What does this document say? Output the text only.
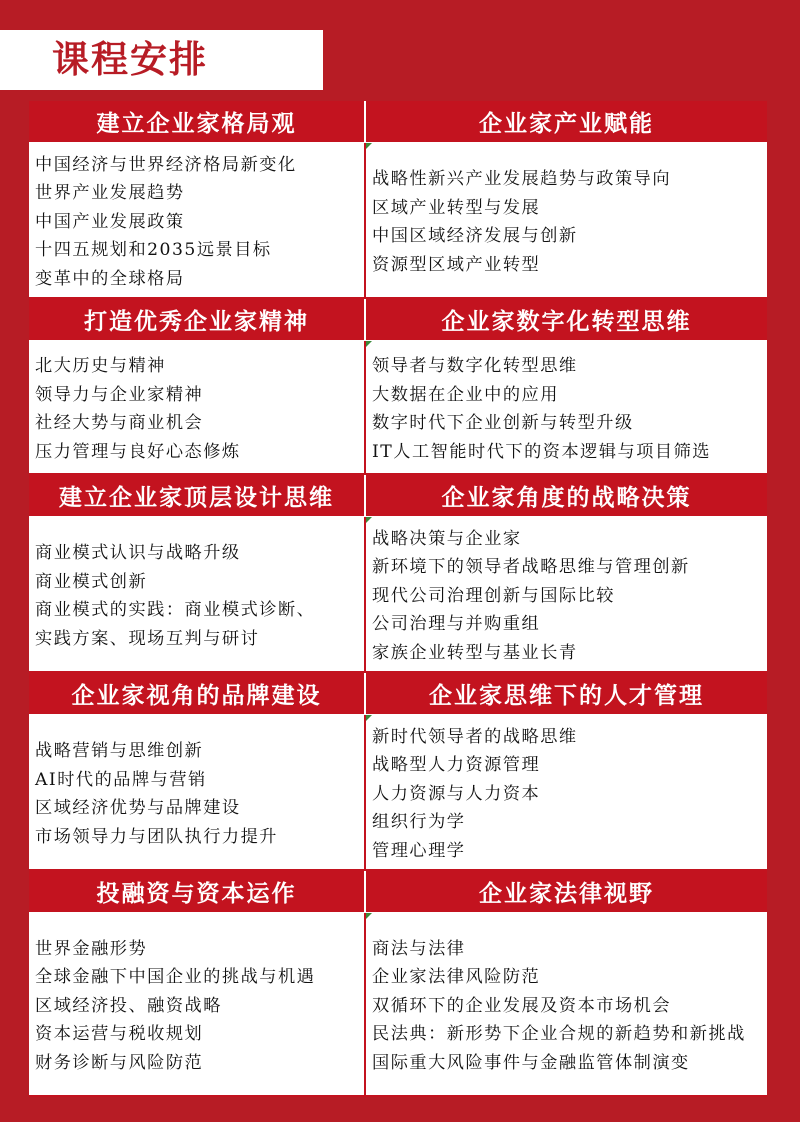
课程安排
建立企业家格局观	企业家产业赋能
中国经济与世界经济格局新变化
世界产业发展趋势
中国产业发展政策
十四五规划和2035远景目标
变革中的全球格局
战略性新兴产业发展趋势与政策导向
区域产业转型与发展
中国区域经济发展与创新
资源型区域产业转型
打造优秀企业家精神	企业家数字化转型思维
北大历史与精神
领导力与企业家精神
社经大势与商业机会
压力管理与良好心态修炼
领导者与数字化转型思维
大数据在企业中的应用
数字时代下企业创新与转型升级
IT人工智能时代下的资本逻辑与项目筛选
建立企业家顶层设计思维	企业家角度的战略决策
商业模式认识与战略升级
商业模式创新
商业模式的实践：商业模式诊断、
实践方案、现场互判与研讨
战略决策与企业家
新环境下的领导者战略思维与管理创新
现代公司治理创新与国际比较
公司治理与并购重组
家族企业转型与基业长青
企业家视角的品牌建设	企业家思维下的人才管理
战略营销与思维创新
AI时代的品牌与营销
区域经济优势与品牌建设
市场领导力与团队执行力提升
新时代领导者的战略思维
战略型人力资源管理
人力资源与人力资本
组织行为学
管理心理学
投融资与资本运作	企业家法律视野
世界金融形势
全球金融下中国企业的挑战与机遇
区域经济投、融资战略
资本运营与税收规划
财务诊断与风险防范
商法与法律
企业家法律风险防范
双循环下的企业发展及资本市场机会
民法典：新形势下企业合规的新趋势和新挑战
国际重大风险事件与金融监管体制演变
